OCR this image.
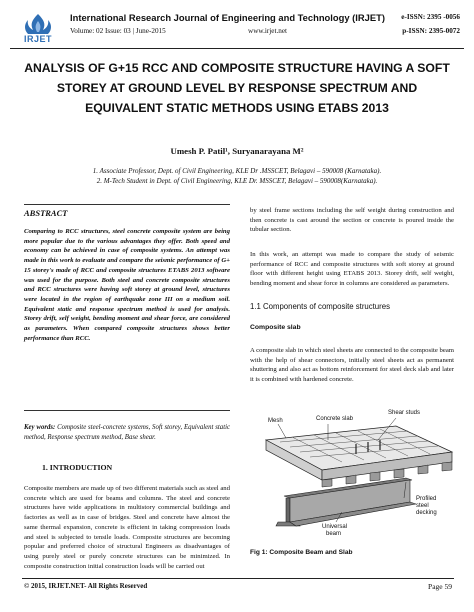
IRJET
International Research Journal of Engineering and Technology (IRJET)
Volume: 02 Issue: 03 | June-2015	www.irjet.net
e-ISSN: 2395 -0056
p-ISSN: 2395-0072
ANALYSIS OF G+15 RCC AND COMPOSITE STRUCTURE HAVING A SOFT STOREY AT GROUND LEVEL BY RESPONSE SPECTRUM AND EQUIVALENT STATIC METHODS USING ETABS 2013
Umesh P. Patil¹, Suryanarayana M²
1. Associate Professor, Dept. of Civil Engineering, KLE Dr .MSSCET, Belagavi – 590008 (Karnataka).
2. M-Tech Student in Dept. of Civil Engineering, KLE Dr. MSSCET, Belagavi – 590008(Karnataka).
ABSTRACT
Comparing to RCC structures, steel concrete composite system are being more popular due to the various advantages they offer. Both speed and economy can be achieved in case of composite systems. An attempt was made in this work to evaluate and compare the seismic performance of G+ 15 storey's made of RCC and composite structures ETABS 2013 software was used for the purpose. Both steel and concrete composite structures and RCC structures were having soft storey at ground level, structures were located in the region of earthquake zone III on a medium soil. Equivalent static and response spectrum method is used for analysis. Storey drift, self weight, bending moment and shear force, are considered as parameters. When compared composite structures shows better performance than RCC.
Key words: Composite steel-concrete systems, Soft storey, Equivalent static method, Response spectrum method, Base shear.
1. INTRODUCTION
Composite members are made up of two different materials such as steel and concrete which are used for beams and columns. The steel and concrete structures have wide applications in multistory commercial buildings and factories as well as in case of bridges. Steel and concrete have almost the same thermal expansion, concrete is efficient in taking compression loads and steel is subjected to tensile loads. Composite structures are becoming popular and preferred choice of structural Engineers as disadvantages of using purely steel or purely concrete structures can be minimized. In composite construction initial construction loads will be carried out
by steel frame sections including the self weight during construction and then concrete is cast around the section or concrete is poured inside the tubular section.
In this work, an attempt was made to compare the study of seismic performance of RCC and composite structures with soft storey at ground floor with different height using ETABS 2013. Storey drift, self weight, bending moment and shear force in columns are considered as parameters.
1.1 Components of composite structures
Composite slab
A composite slab in which steel sheets are connected to the composite beam with the help of shear connectors, initially steel sheets act as permanent shuttering and also act as bottom reinforcement for steel deck slab and later it is combined with hardened concrete.
Mesh	Concrete slab
Shear studs
Profiled
steel
decking
Universal
beam
Fig 1: Composite Beam and Slab
© 2015, IRJET.NET- All Rights Reserved	Page 59
